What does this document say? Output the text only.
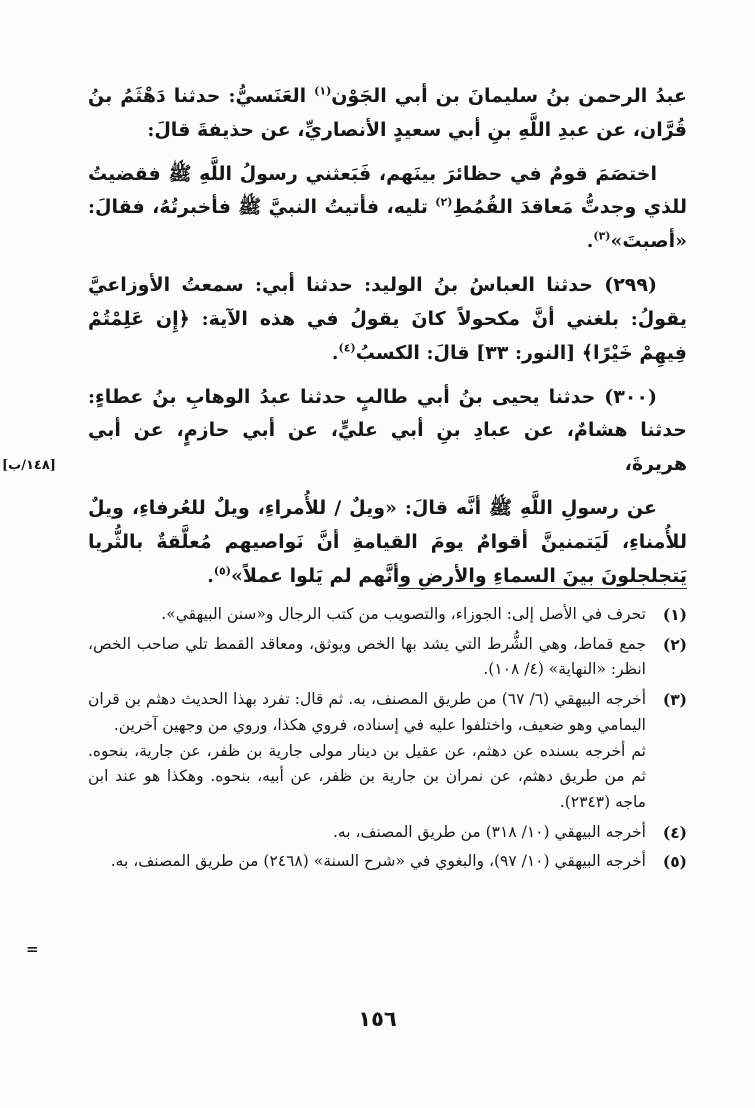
عبدُ الرحمن بنُ سليمانَ بن أبي الجَوْن$^{(١)}$ العَنَسيُّ: حدثنا دَهْثَمُ بنُ قُرَّان، عن عبدِ اللَّهِ بنِ أبي سعيدٍ الأنصاريِّ، عن حذيفةَ قالَ:

اختصَمَ قومٌ في حظائرَ بينَهم، فَبَعثني رسولُ اللَّهِ ﷺ فقضيتُ للذي وجدتُّ مَعاقدَ القُمُطِ$^{(٢)}$ تليه، فأتيتُ النبيَّ ﷺ فأخبرتُهُ، فقالَ: «أصبتَ»$^{(٣)}$.

(٢٩٩) حدثنا العباسُ بنُ الوليد: حدثنا أبي: سمعتُ الأوزاعيَّ يقولُ: بلغني أنَّ مكحولاً كانَ يقولُ في هذه الآية: ﴿إِن عَلِمْتُمْ فِيهِمْ خَيْرًا﴾ [النور: ٣٣] قالَ: الكسبُ$^{(٤)}$.

(٣٠٠) حدثنا يحيى بنُ أبي طالبٍ حدثنا عبدُ الوهابِ بنُ عطاءٍ: حدثنا هشامٌ، عن عبادِ بنِ أبي عليٍّ، عن أبي حازمٍ، عن أبي هريرةَ،

عن رسولِ اللَّهِ ﷺ أنَّه قالَ: «ويلٌ / للأُمراءِ، ويلٌ للعُرفاءِ، ويلٌ للأُمناءِ، لَيَتمنينَّ أقوامٌ يومَ القيامةِ أنَّ نَواصيهم مُعلَّقةٌ بالثُّريا يَتجلجلونَ بينَ السماءِ والأرضِ وأنَّهم لم يَلوا عملاً»$^{(٥)}$.

[١٤٨/ب]
(١)

تحرف في الأصل إلى: الجوزاء، والتصويب من كتب الرجال و«سنن البيهقي».

(٢)

جمع قماط، وهي الشُّرط التي يشد بها الخص ويوثق، ومعاقد القمط تلي صاحب الخص، انظر: «النهاية» (٤/ ١٠٨).

(٣)

أخرجه البيهقي (٦/ ٦٧) من طريق المصنف، به. ثم قال: تفرد بهذا الحديث دهثم بن قران اليمامي وهو ضعيف، واختلفوا عليه في إسناده، فروي هكذا، وروي من وجهين آخرين.

ثم أخرجه بسنده عن دهثم، عن عقيل بن دينار مولى جارية بن ظفر، عن جارية، بنحوه. ثم من طريق دهثم، عن نمران بن جارية بن ظفر، عن أبيه، بنحوه. وهكذا هو عند ابن ماجه (٢٣٤٣).

(٤)

أخرجه البيهقي (١٠/ ٣١٨) من طريق المصنف، به.

(٥)

أخرجه البيهقي (١٠/ ٩٧)، والبغوي في «شرح السنة» (٢٤٦٨) من طريق المصنف، به.

=
١٥٦
